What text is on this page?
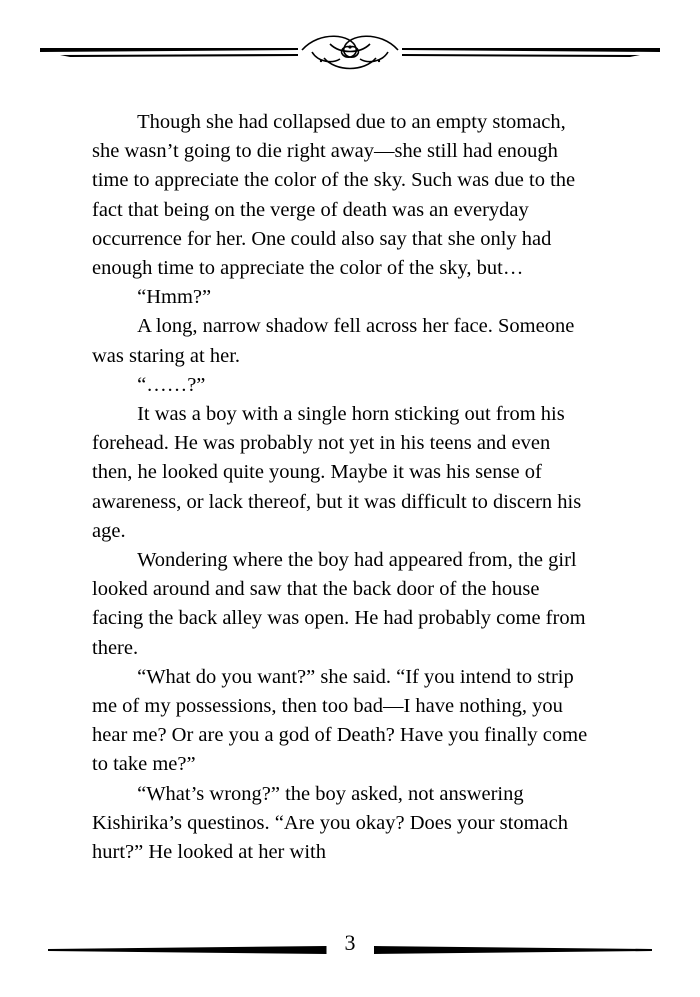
Though she had collapsed due to an empty stomach, she wasn’t going to die right away—she still had enough time to appreciate the color of the sky. Such was due to the fact that being on the verge of death was an everyday occurrence for her. One could also say that she only had enough time to appreciate the color of the sky, but…

“Hmm?”

A long, narrow shadow fell across her face. Someone was staring at her.

“……?”

It was a boy with a single horn sticking out from his forehead. He was probably not yet in his teens and even then, he looked quite young. Maybe it was his sense of awareness, or lack thereof, but it was difficult to discern his age.

Wondering where the boy had appeared from, the girl looked around and saw that the back door of the house facing the back alley was open. He had probably come from there.

“What do you want?” she said. “If you intend to strip me of my possessions, then too bad—I have nothing, you hear me? Or are you a god of Death? Have you finally come to take me?”

“What’s wrong?” the boy asked, not answering Kishirika’s questinos. “Are you okay? Does your stomach hurt?” He looked at her with

3
